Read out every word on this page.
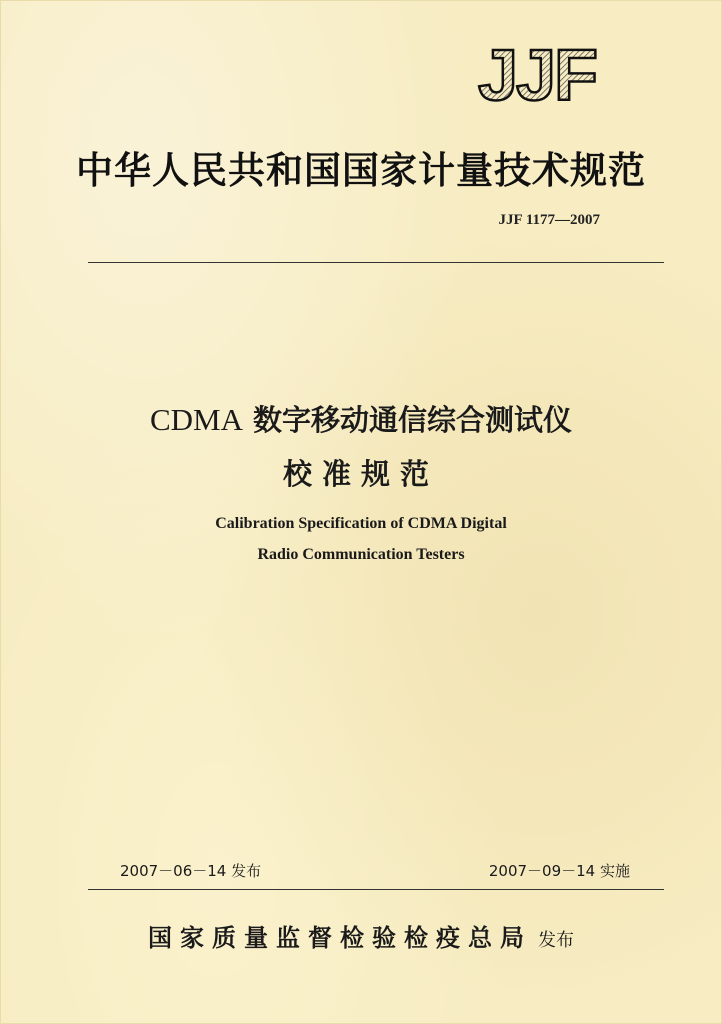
JJF
中华人民共和国国家计量技术规范
JJF 1177—2007
CDMA 数字移动通信综合测试仪
校准规范
Calibration Specification of CDMA Digital
Radio Communication Testers
2007－06－14 发布	2007－09－14 实施
国家质量监督检验检疫总局 发布
